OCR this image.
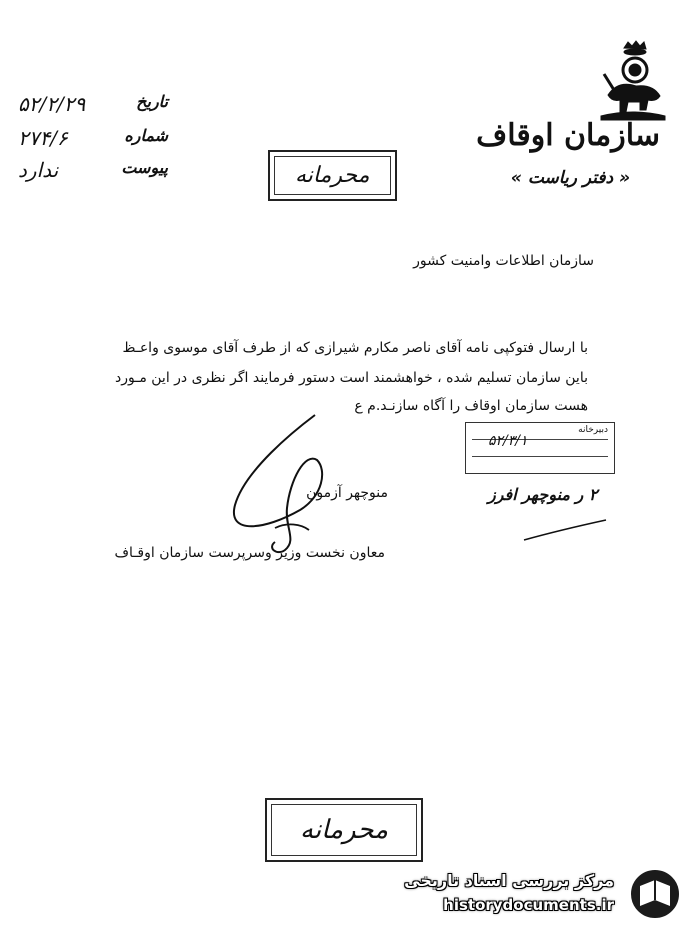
سازمان اوقاف
« دفتر ریاست »
تاریخ
۵۲/۲/۲۹
شماره
۲۷۴/۶
پیوست
ندارد	محرمانه
سازمان اطلاعات وامنیت کشور
با ارسال فتوکپی نامه آقای ناصر مکارم شیرازی که از طرف آقای موسوی واعـظ
باین سازمان تسلیم شده ، خواهشمند است دستور فرمایند اگر نظری در این مـورد
هست سازمان اوقاف را آگاه سازنـد.م ع
دبیرخانه
۵۲/۳/۱
۲ ر منوچهر افرز
منوچهر آزمون
معاون نخست وزیر وسرپرست سازمان اوقـاف
محرمانه
مرکز بررسی اسناد تاریخی
historydocuments.ir
